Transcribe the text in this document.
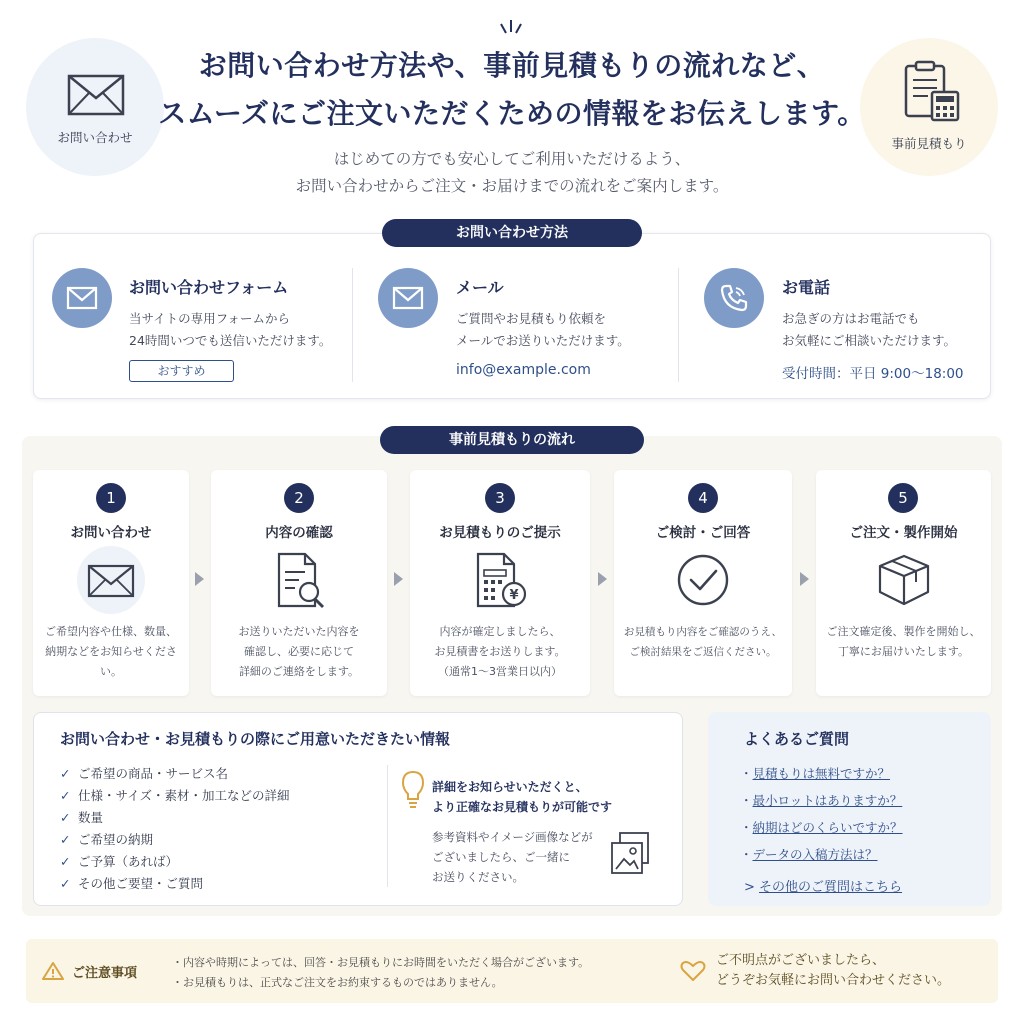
お問い合わせ	事前見積もり
お問い合わせ方法や、事前見積もりの流れなど、
スムーズにご注文いただくための情報をお伝えします。
はじめての方でも安心してご利用いただけるよう、
お問い合わせからご注文・お届けまでの流れをご案内します。
お問い合わせ方法
お問い合わせフォーム
当サイトの専用フォームから
24時間いつでも送信いただけます。
おすすめ
メール
ご質問やお見積もり依頼を
メールでお送りいただけます。
info@example.com
お電話
お急ぎの方はお電話でも
お気軽にご相談いただけます。
受付時間：平日 9:00〜18:00
事前見積もりの流れ
1
お問い合わせ
ご希望内容や仕様、数量、
納期などをお知らせください。
2
内容の確認
お送りいただいた内容を
確認し、必要に応じて
詳細のご連絡をします。
3
お見積もりのご提示
¥
内容が確定しましたら、
お見積書をお送りします。
（通常1〜3営業日以内）
4
ご検討・ご回答
お見積もり内容をご確認のうえ、
ご検討結果をご返信ください。
5
ご注文・製作開始
ご注文確定後、製作を開始し、
丁寧にお届けいたします。
お問い合わせ・お見積もりの際にご用意いただきたい情報
✓ ご希望の商品・サービス名
✓ 仕様・サイズ・素材・加工などの詳細
✓ 数量
✓ ご希望の納期
✓ ご予算（あれば）
✓ その他ご要望・ご質問
詳細をお知らせいただくと、
より正確なお見積もりが可能です
参考資料やイメージ画像などが
ございましたら、ご一緒に
お送りください。
よくあるご質問
・見積もりは無料ですか？
・最小ロットはありますか？
・納期はどのくらいですか？
・データの入稿方法は？
> その他のご質問はこちら
ご注意事項
・内容や時期によっては、回答・お見積もりにお時間をいただく場合がございます。
・お見積もりは、正式なご注文をお約束するものではありません。
ご不明点がございましたら、
どうぞお気軽にお問い合わせください。
